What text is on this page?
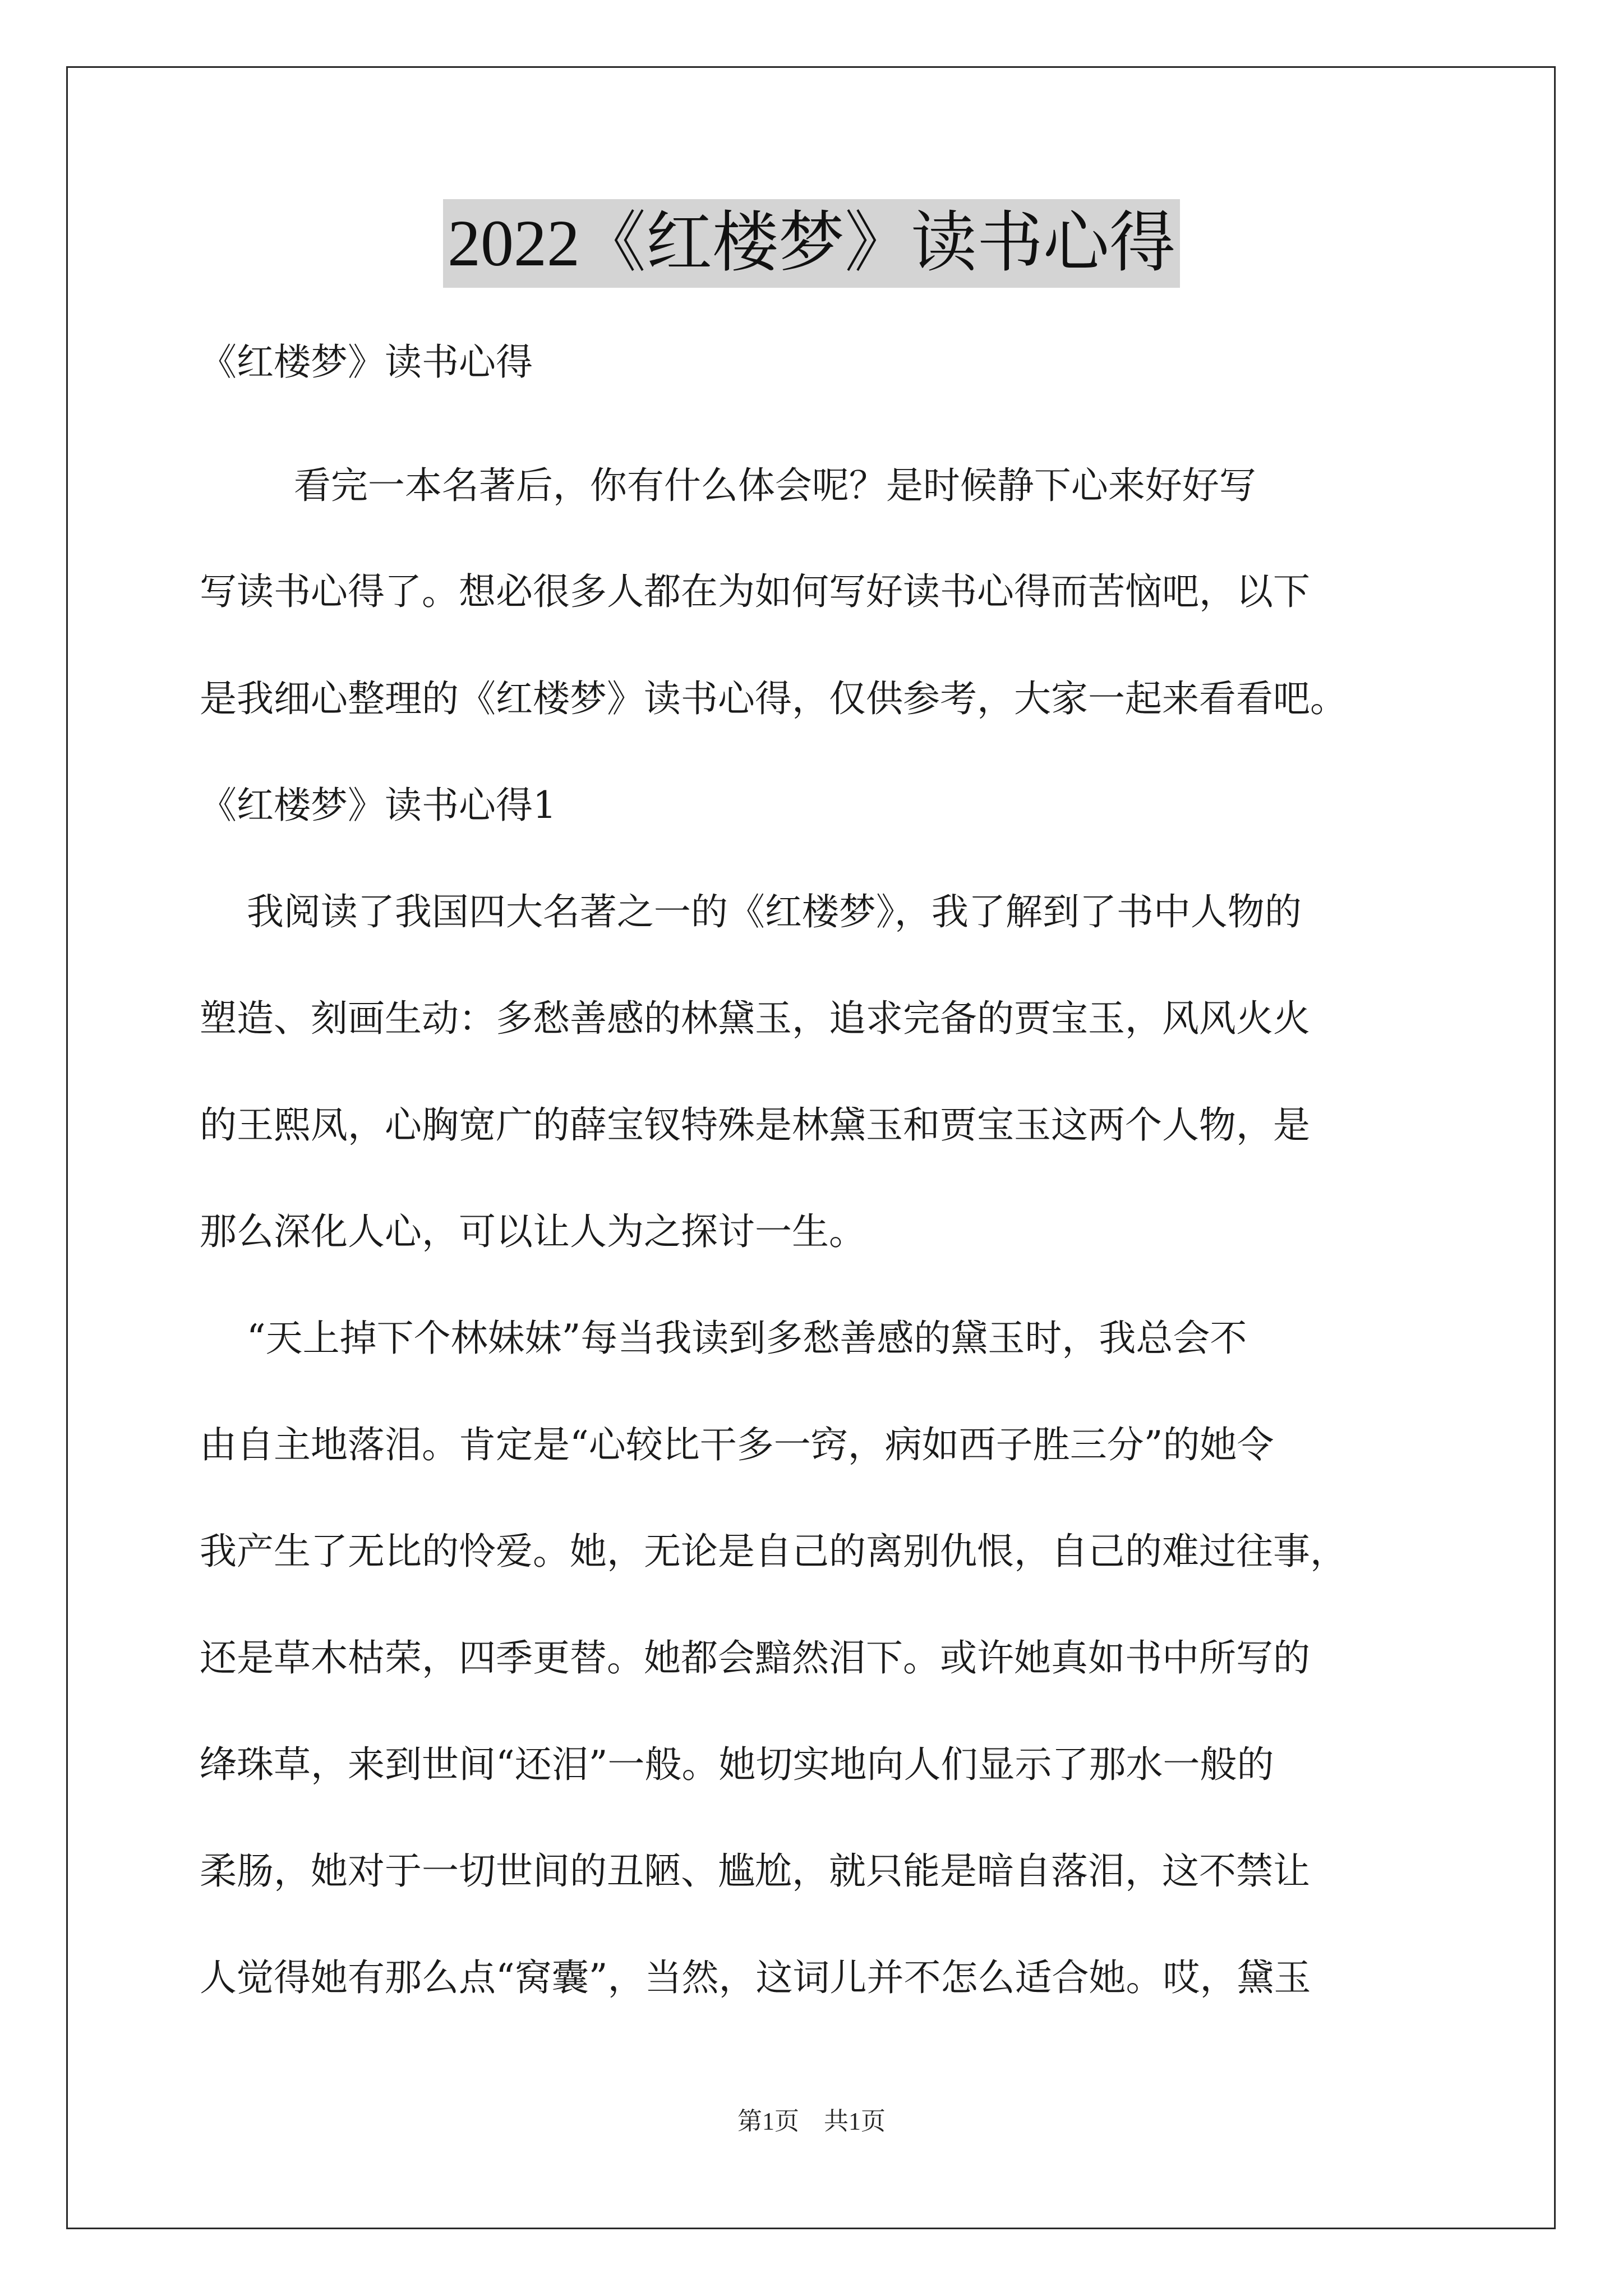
2022《红楼梦》读书心得
《红楼梦》读书心得
看完一本名著后，你有什么体会呢？是时候静下心来好好写
写读书心得了。想必很多人都在为如何写好读书心得而苦恼吧，以下
是我细心整理的《红楼梦》读书心得，仅供参考，大家一起来看看吧。
《红楼梦》读书心得1
我阅读了我国四大名著之一的《红楼梦》，我了解到了书中人物的
塑造、刻画生动：多愁善感的林黛玉，追求完备的贾宝玉，风风火火
的王熙凤，心胸宽广的薛宝钗特殊是林黛玉和贾宝玉这两个人物，是
那么深化人心，可以让人为之探讨一生。
“天上掉下个林妹妹”每当我读到多愁善感的黛玉时，我总会不
由自主地落泪。肯定是“心较比干多一窍，病如西子胜三分”的她令
我产生了无比的怜爱。她，无论是自己的离别仇恨，自己的难过往事，
还是草木枯荣，四季更替。她都会黯然泪下。或许她真如书中所写的
绛珠草，来到世间“还泪”一般。她切实地向人们显示了那水一般的
柔肠，她对于一切世间的丑陋、尴尬，就只能是暗自落泪，这不禁让
人觉得她有那么点“窝囊”，当然，这词儿并不怎么适合她。哎，黛玉
第1页　共1页
